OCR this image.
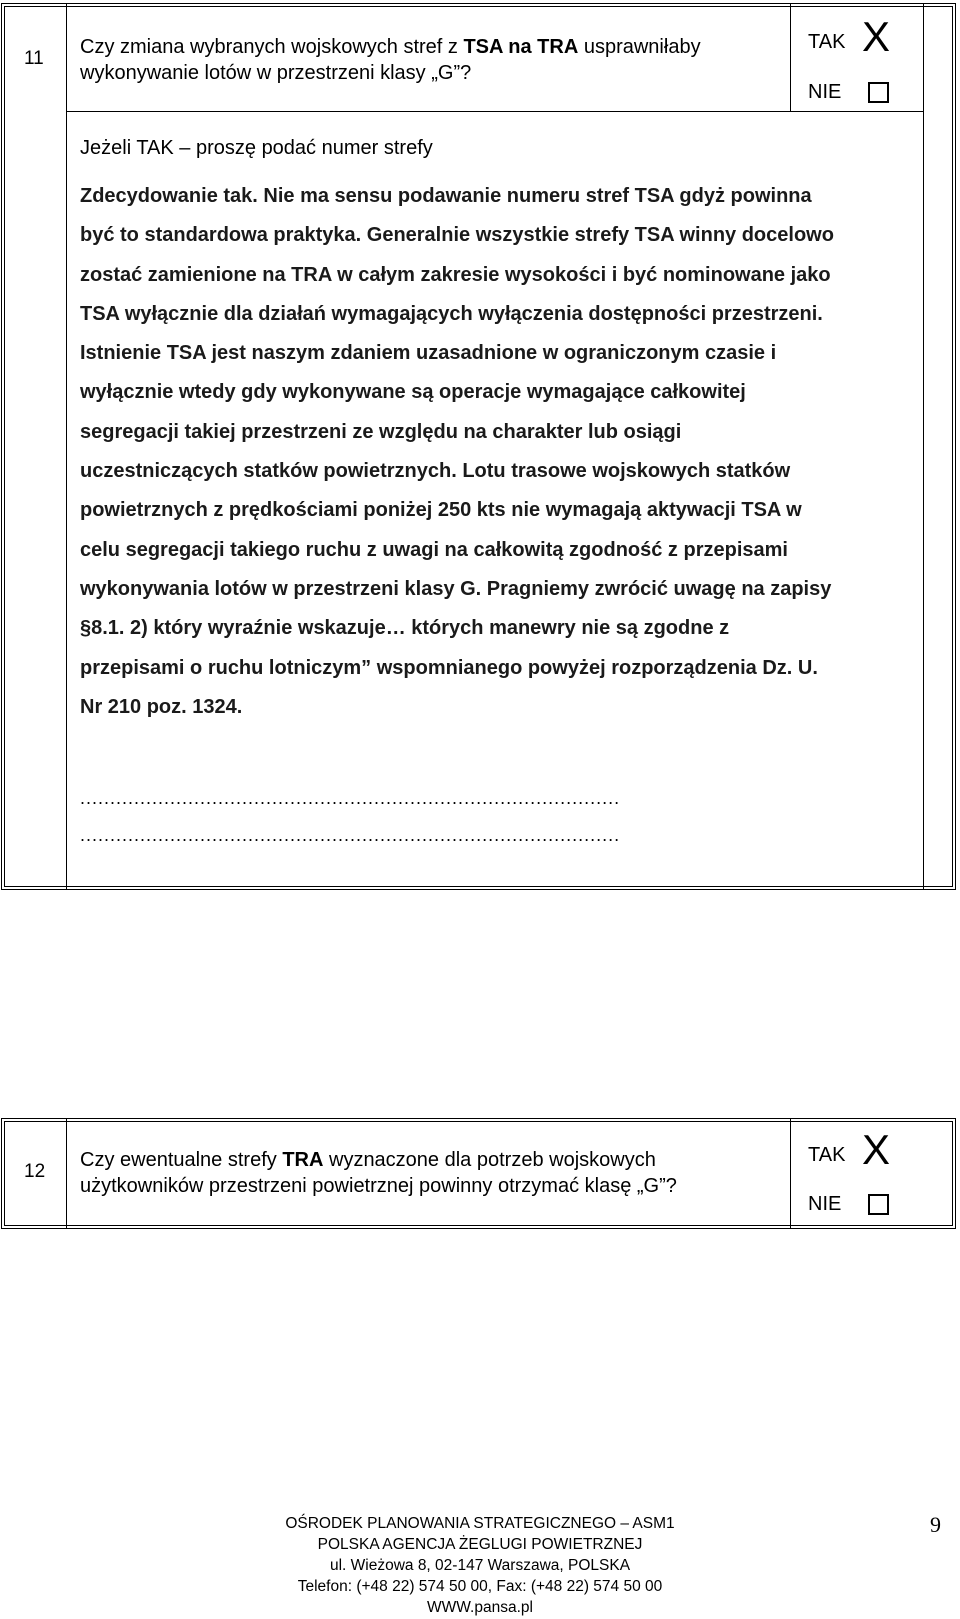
11
Czy zmiana wybranych wojskowych stref z TSA na TRA usprawniłaby wykonywanie lotów w przestrzeni klasy „G”?
TAK X
NIE
Jeżeli TAK – proszę podać numer strefy
Zdecydowanie tak. Nie ma sensu podawanie numeru stref TSA gdyż powinna być to standardowa praktyka. Generalnie wszystkie strefy TSA winny docelowo zostać zamienione na TRA w całym zakresie wysokości i być nominowane jako TSA wyłącznie dla działań wymagających wyłączenia dostępności przestrzeni. Istnienie TSA jest naszym zdaniem uzasadnione w ograniczonym czasie i wyłącznie wtedy gdy wykonywane są operacje wymagające całkowitej segregacji takiej przestrzeni ze względu na charakter lub osiągi uczestniczących statków powietrznych. Lotu trasowe wojskowych statków powietrznych z prędkościami poniżej 250 kts nie wymagają aktywacji TSA w celu segregacji takiego ruchu z uwagi na całkowitą zgodność z przepisami wykonywania lotów w przestrzeni klasy G. Pragniemy zwrócić uwagę na zapisy §8.1. 2) który wyraźnie wskazuje… których manewry nie są zgodne z przepisami o ruchu lotniczym” wspomnianego powyżej rozporządzenia Dz. U. Nr 210 poz. 1324.
..........................................................................................
..........................................................................................
12
Czy ewentualne strefy TRA wyznaczone dla potrzeb wojskowych użytkowników przestrzeni powietrznej powinny otrzymać klasę „G”?
TAK X
NIE
OŚRODEK PLANOWANIA STRATEGICZNEGO – ASM1
POLSKA AGENCJA ŻEGLUGI POWIETRZNEJ
ul. Wieżowa 8, 02-147 Warszawa, POLSKA
Telefon: (+48 22) 574 50 00, Fax: (+48 22) 574 50 00
WWW.pansa.pl
9
